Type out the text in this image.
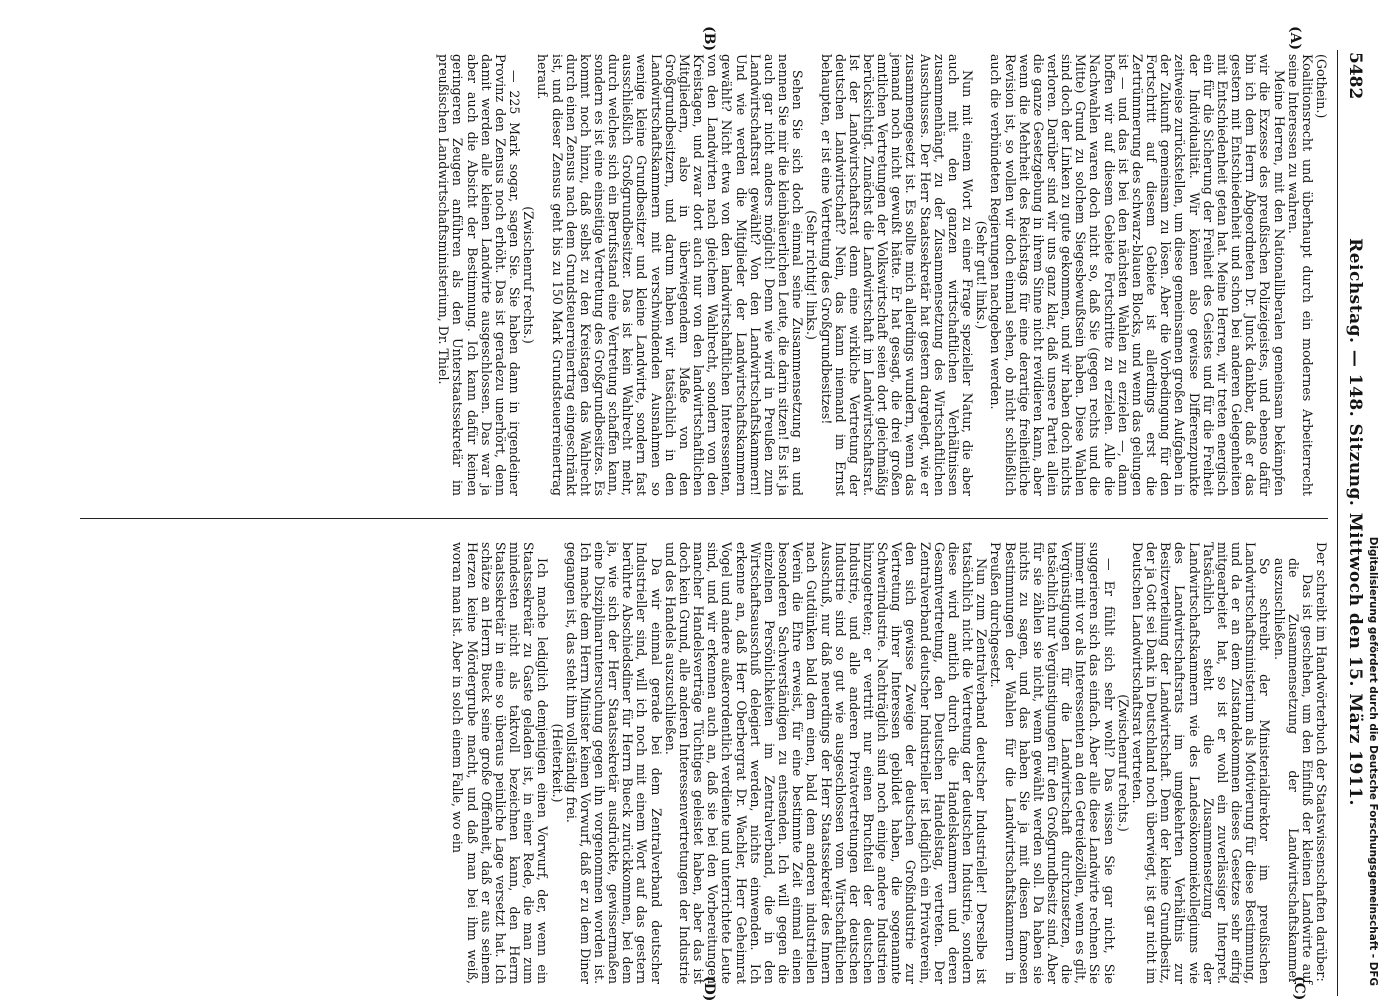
5482
Reichstag. — 148. Sitzung. Mittwoch den 15. März 1911.
(A)
(B)
(C)
(D)

(Gothein.)

Koalitionsrecht und überhaupt durch ein modernes Arbeiterrecht seine Interessen zu wahren.

Meine Herren, mit den Nationalliberalen gemeinsam bekämpfen wir die Exzesse des preußischen Polizeigeistes, und ebenso dafür bin ich dem Herrn Abgeordneten Dr. Junck dankbar, daß er das gestern mit Entschiedenheit und schon bei anderen Gelegenheiten mit Entschiedenheit getan hat. Meine Herren, wir treten energisch ein für die Sicherung der Freiheit des Geistes und für die Freiheit der Individualität. Wir können also gewisse Differenzpunkte zeitweise zurückstellen, um diese gemeinsamen großen Aufgaben in der Zukunft gemeinsam zu lösen. Aber die Vorbedingung für den Fortschritt auf diesem Gebiete ist allerdings erst die Zertrümmerung des schwarz-blauen Blocks, und wenn das gelungen ist — und das ist bei den nächsten Wahlen zu erzielen —, dann hoffen wir auf diesem Gebiete Fortschritte zu erzielen. Alle die Nachwahlen waren doch nicht so, daß Sie (gegen rechts und die Mitte) Grund zu solchem Siegesbewußtsein haben. Diese Wahlen sind doch der Linken zu gute gekommen, und wir haben doch nichts verloren. Darüber sind wir uns ganz klar, daß unsere Partei allein die ganze Gesetzgebung in ihrem Sinne nicht revidieren kann, aber wenn die Mehrheit des Reichstags für eine derartige freiheitliche Revision ist, so wollen wir doch einmal sehen, ob nicht schließlich auch die verbündeten Regierungen nachgeben werden.

(Sehr gut! links.)

Nun mit einem Wort zu einer Frage spezieller Natur, die aber auch mit den ganzen wirtschaftlichen Verhältnissen zusammenhängt, zu der Zusammensetzung des Wirtschaftlichen Ausschusses. Der Herr Staatssekretär hat gestern dargelegt, wie er zusammengesetzt ist. Es sollte mich allerdings wundern, wenn das jemand noch nicht gewußt hätte. Er hat gesagt, die drei großen amtlichen Vertretungen der Volkswirtschaft seien dort gleichmäßig berücksichtigt. Zunächst die Landwirtschaft im Landwirtschaftsrat. Ist der Landwirtschaftsrat denn eine wirkliche Vertretung der deutschen Landwirtschaft? Nein, das kann niemand im Ernst behaupten, er ist eine Vertretung des Großgrundbesitzes!

(Sehr richtig! links.)

Sehen Sie sich doch einmal seine Zusammensetzung an und nennen Sie mir die kleinbäuerlichen Leute, die darin sitzen! Es ist ja auch gar nicht anders möglich! Denn wie wird in Preußen zum Landwirtschaftsrat gewählt? Von den Landwirtschaftskammern! Und wie werden die Mitglieder der Landwirtschaftskammern gewählt? Nicht etwa von den landwirtschaftlichen Interessenten, von den Landwirten nach gleichem Wahlrecht, sondern von den Kreistagen, und zwar dort auch nur von den landwirtschaftlichen Mitgliedern, also in überwiegendem Maße von den Großgrundbesitzern, und darum haben wir tatsächlich in den Landwirtschaftskammern mit verschwindenden Ausnahmen so wenige kleine Grundbesitzer und kleine Landwirte, sondern fast ausschließlich Großgrundbesitzer. Das ist kein Wahlrecht mehr, durch welches sich ein Berufsstand eine Vertretung schaffen kann, sondern es ist eine einseitige Vertretung des Großgrundbesitzes. Es kommt noch hinzu, daß selbst zu den Kreistagen das Wahlrecht durch einen Zensus nach dem Grundsteuerreinertrag eingeschränkt ist, und dieser Zensus geht bis zu 150 Mark Grundsteuerreinertrag herauf.

(Zwischenruf rechts.)

— 225 Mark sogar, sagen Sie. Sie haben dann in irgendeiner Provinz den Zensus noch erhöht. Das ist geradezu unerhört, denn damit werden alle kleinen Landwirte ausgeschlossen. Das war ja aber auch die Absicht der Bestimmung. Ich kann dafür keinen geringeren Zeugen anführen als den Unterstaatssekretär im preußischen Landwirtschaftsministerium, Dr. Thiel.

Der schreibt im Handwörterbuch der Staatswissenschaften darüber:

Das ist geschehen, um den Einfluß der kleinen Landwirte auf die Zusammensetzung der Landwirtschaftskammer auszuschließen.

So schreibt der Ministerialdirektor im preußischen Landwirtschaftsministerium als Motivierung für diese Bestimmung, und da er an dem Zustandekommen dieses Gesetzes sehr eifrig mitgearbeitet hat, so ist er wohl ein zuverlässiger Interpret. Tatsächlich steht die Zusammensetzung der Landwirtschaftskammern wie des Landesökonomiekollegiums wie des Landwirtschaftsrats im umgekehrten Verhältnis zur Besitzverteilung der Landwirtschaft. Denn der kleine Grundbesitz, der ja Gott sei Dank in Deutschland noch überwiegt, ist gar nicht im Deutschen Landwirtschaftsrat vertreten.

(Zwischenruf rechts.)

— Er fühlt sich sehr wohl? Das wissen Sie gar nicht, Sie suggerieren sich das einfach. Aber alle diese Landwirte rechnen Sie immer mit vor als Interessenten an den Getreidezöllen, wenn es gilt, Vergünstigungen für die Landwirtschaft durchzusetzen, die tatsächlich nur Vergünstigungen für den Großgrundbesitz sind. Aber für sie zählen sie nicht, wenn gewählt werden soll. Da haben sie nichts zu sagen, und das haben Sie ja mit diesen famosen Bestimmungen der Wahlen für die Landwirtschaftskammern in Preußen durchgesetzt.

Nun zum Zentralverband deutscher Industrieller! Derselbe ist tatsächlich nicht die Vertretung der deutschen Industrie, sondern diese wird amtlich durch die Handelskammern und deren Gesamtvertretung, den Deutschen Handelstag, vertreten. Der Zentralverband deutscher Industrieller ist lediglich ein Privatverein, den sich gewisse Zweige der deutschen Großindustrie zur Vertretung ihrer Interessen gebildet haben, die sogenannte Schwerindustrie. Nachträglich sind noch einige andere Industrien hinzugetreten; er vertritt nur einen Bruchteil der deutschen Industrie, und alle anderen Privatvertretungen der deutschen Industrie sind so gut wie ausgeschlossen vom Wirtschaftlichen Ausschuß, nur daß neuerdings der Herr Staatssekretär des Innern nach Gutdünken bald dem einen, bald dem anderen industriellen Verein die Ehre erweist, für eine bestimmte Zeit einmal einen besonderen Sachverständigen zu entsenden. Ich will gegen die einzelnen Persönlichkeiten im Zentralverband, die in den Wirtschaftsausschuß delegiert werden, nichts einwenden. Ich erkenne an, daß Herr Oberbergrat Dr. Wachler, Herr Geheimrat Vogel und andere außerordentlich verdiente und unterrichtete Leute sind, und wir erkennen auch an, daß sie bei den Vorbereitungen mancher Handelsverträge Tüchtiges geleistet haben, aber das ist doch kein Grund, alle anderen Interessenvertretungen der Industrie und des Handels auszuschließen.

Da wir einmal gerade bei dem Zentralverband deutscher Industrieller sind, will ich noch mit einem Wort auf das gestern berührte Abschiedsdiner für Herrn Bueck zurückkommen, bei dem ja, wie sich der Herr Staatssekretär ausdrückte, gewissermaßen eine Disziplinaruntersuchung gegen ihn vorgenommen worden ist. Ich mache dem Herrn Minister keinen Vorwurf, daß er zu dem Diner gegangen ist, das steht ihm vollständig frei.

(Heiterkeit.)

Ich mache lediglich demjenigen einen Vorwurf, der, wenn ein Staatssekretär zu Gaste geladen ist, in einer Rede, die man zum mindesten nicht als taktvoll bezeichnen kann, den Herrn Staatssekretär in eine so überaus peinliche Lage versetzt hat. Ich schätze an Herrn Bueck seine große Offenheit, daß er aus seinem Herzen keine Mördergrube macht, und daß man bei ihm weiß, woran man ist. Aber in solch einem Falle, wo ein	Digitalisierung gefördert durch die Deutsche Forschungsgemeinschaft - DFG
